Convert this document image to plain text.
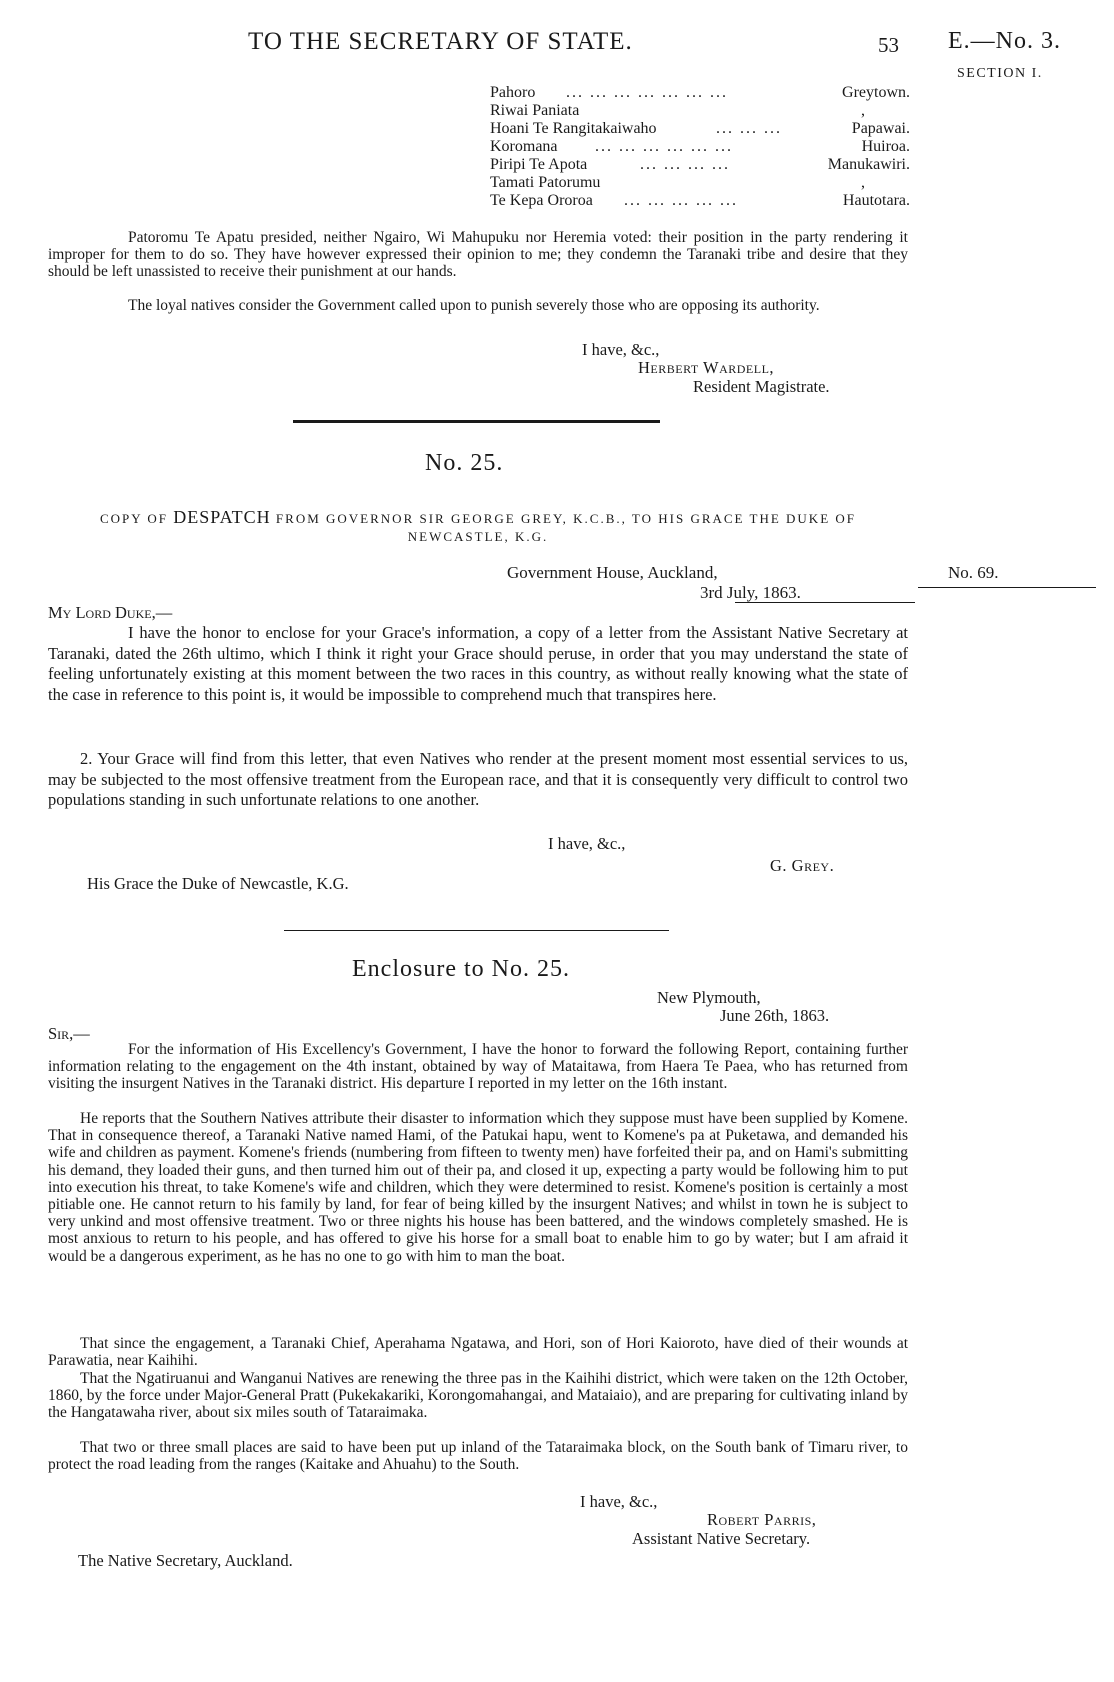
TO THE SECRETARY OF STATE.	53 E.—No. 3.
SECTION I.
Pahoro ... ... ... ... ... ... ...	Greytown.
Riwai Paniata	,
Hoani Te Rangitakaiwaho	... ... ...	Papawai.
Koromana ... ... ... ... ... ...	Huiroa.
Piripi Te Apota	... ... ... ...	Manukawiri.
Tamati Patorumu	,
Te Kepa Ororoa ... ... ... ... ...	Hautotara.

Patoromu Te Apatu presided, neither Ngairo, Wi Mahupuku nor Heremia voted: their position in the party rendering it improper for them to do so. They have however expressed their opinion to me; they condemn the Taranaki tribe and desire that they should be left unassisted to receive their punishment at our hands.

The loyal natives consider the Government called upon to punish severely those who are opposing its authority.

I have, &c.,
Herbert Wardell,
Resident Magistrate.
No. 25.
COPY OF DESPATCH FROM GOVERNOR SIR GEORGE GREY, K.C.B., TO HIS GRACE THE DUKE OF
NEWCASTLE, K.G.
Government House, Auckland,
3rd July, 1863.
No. 69.
My Lord Duke,—

I have the honor to enclose for your Grace's information, a copy of a letter from the Assistant Native Secretary at Taranaki, dated the 26th ultimo, which I think it right your Grace should peruse, in order that you may understand the state of feeling unfortunately existing at this moment between the two races in this country, as without really knowing what the state of the case in reference to this point is, it would be impossible to comprehend much that transpires here.

2. Your Grace will find from this letter, that even Natives who render at the present moment most essential services to us, may be subjected to the most offensive treatment from the European race, and that it is consequently very difficult to control two populations standing in such unfortunate relations to one another.

I have, &c.,
G. Grey.
His Grace the Duke of Newcastle, K.G.
Enclosure to No. 25.
New Plymouth,
June 26th, 1863.
Sir,—

For the information of His Excellency's Government, I have the honor to forward the following Report, containing further information relating to the engagement on the 4th instant, obtained by way of Mataitawa, from Haera Te Paea, who has returned from visiting the insurgent Natives in the Taranaki district. His departure I reported in my letter on the 16th instant.

He reports that the Southern Natives attribute their disaster to information which they suppose must have been supplied by Komene. That in consequence thereof, a Taranaki Native named Hami, of the Patukai hapu, went to Komene's pa at Puketawa, and demanded his wife and children as payment. Komene's friends (numbering from fifteen to twenty men) have forfeited their pa, and on Hami's submitting his demand, they loaded their guns, and then turned him out of their pa, and closed it up, expecting a party would be following him to put into execution his threat, to take Komene's wife and children, which they were determined to resist. Komene's position is certainly a most pitiable one. He cannot return to his family by land, for fear of being killed by the insurgent Natives; and whilst in town he is subject to very unkind and most offensive treatment. Two or three nights his house has been battered, and the windows completely smashed. He is most anxious to return to his people, and has offered to give his horse for a small boat to enable him to go by water; but I am afraid it would be a dangerous experiment, as he has no one to go with him to man the boat.

That since the engagement, a Taranaki Chief, Aperahama Ngatawa, and Hori, son of Hori Kaioroto, have died of their wounds at Parawatia, near Kaihihi.

That the Ngatiruanui and Wanganui Natives are renewing the three pas in the Kaihihi district, which were taken on the 12th October, 1860, by the force under Major-General Pratt (Pukekakariki, Korongomahangai, and Mataiaio), and are preparing for cultivating inland by the Hangatawaha river, about six miles south of Tataraimaka.

That two or three small places are said to have been put up inland of the Tataraimaka block, on the South bank of Timaru river, to protect the road leading from the ranges (Kaitake and Ahuahu) to the South.

I have, &c.,
Robert Parris,
Assistant Native Secretary.
The Native Secretary, Auckland.
